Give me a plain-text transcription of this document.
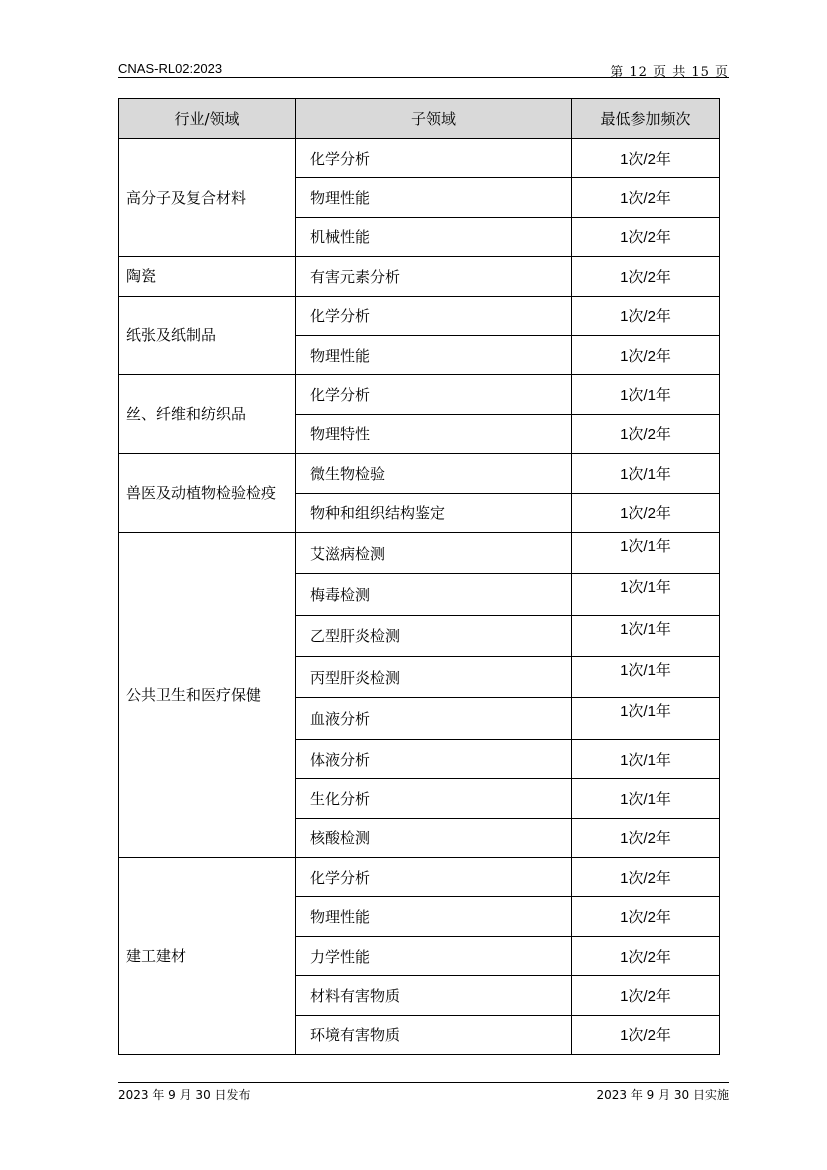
CNAS-RL02:2023	第 12 页 共 15 页
行业/领域	子领域	最低参加频次
高分子及复合材料	化学分析	1次/2年
	物理性能	1次/2年
	机械性能	1次/2年
陶瓷	有害元素分析	1次/2年
纸张及纸制品	化学分析	1次/2年
	物理性能	1次/2年
丝、纤维和纺织品	化学分析	1次/1年
	物理特性	1次/2年
兽医及动植物检验检疫	微生物检验	1次/1年
	物种和组织结构鉴定	1次/2年
公共卫生和医疗保健	艾滋病检测	1次/1年
	梅毒检测	1次/1年
	乙型肝炎检测	1次/1年
	丙型肝炎检测	1次/1年
	血液分析	1次/1年
	体液分析	1次/1年
	生化分析	1次/1年
	核酸检测	1次/2年
建工建材	化学分析	1次/2年
	物理性能	1次/2年
	力学性能	1次/2年
	材料有害物质	1次/2年
	环境有害物质	1次/2年
2023 年 9 月 30 日发布	2023 年 9 月 30 日实施
